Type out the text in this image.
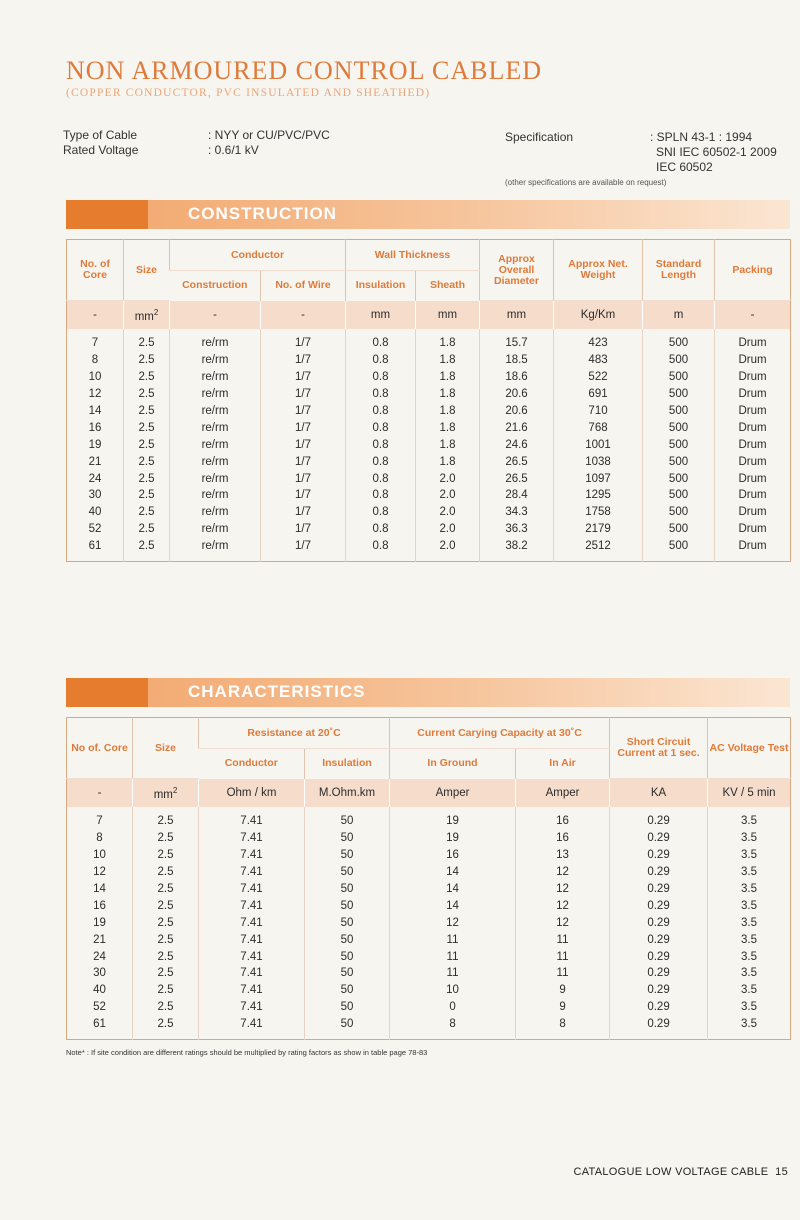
NON ARMOURED CONTROL CABLED
(COPPER CONDUCTOR, PVC INSULATED AND SHEATHED)
Type of Cable	: NYY or CU/PVC/PVC
Rated Voltage	: 0.6/1 kV
Specification	: SPLN 43-1 : 1994
SNI IEC 60502-1 2009
IEC 60502
(other specifications are available on request)
CONSTRUCTION
No. of Core	Size	Conductor		Wall Thickness		Approx Overall Diameter	Approx Net. Weight	Standard Length	Packing
		Construction	No. of Wire	Insulation	Sheath				
-	$mm^2$	-	-	mm	mm	mm	Kg/Km	m	-
7	2.5	re/rm	1/7	0.8	1.8	15.7	423	500	Drum
8	2.5	re/rm	1/7	0.8	1.8	18.5	483	500	Drum
10	2.5	re/rm	1/7	0.8	1.8	18.6	522	500	Drum
12	2.5	re/rm	1/7	0.8	1.8	20.6	691	500	Drum
14	2.5	re/rm	1/7	0.8	1.8	20.6	710	500	Drum
16	2.5	re/rm	1/7	0.8	1.8	21.6	768	500	Drum
19	2.5	re/rm	1/7	0.8	1.8	24.6	1001	500	Drum
21	2.5	re/rm	1/7	0.8	1.8	26.5	1038	500	Drum
24	2.5	re/rm	1/7	0.8	2.0	26.5	1097	500	Drum
30	2.5	re/rm	1/7	0.8	2.0	28.4	1295	500	Drum
40	2.5	re/rm	1/7	0.8	2.0	34.3	1758	500	Drum
52	2.5	re/rm	1/7	0.8	2.0	36.3	2179	500	Drum
61	2.5	re/rm	1/7	0.8	2.0	38.2	2512	500	Drum
CHARACTERISTICS
No of. Core	Size	Resistance at 20˚C		Current Carying Capacity at 30˚C		Short Circuit Current at 1 sec.	AC Voltage Test
		Conductor	Insulation	In Ground	In Air		
-	$mm^2$	Ohm / km	M.Ohm.km	Amper	Amper	KA	KV / 5 min
7	2.5	7.41	50	19	16	0.29	3.5
8	2.5	7.41	50	19	16	0.29	3.5
10	2.5	7.41	50	16	13	0.29	3.5
12	2.5	7.41	50	14	12	0.29	3.5
14	2.5	7.41	50	14	12	0.29	3.5
16	2.5	7.41	50	14	12	0.29	3.5
19	2.5	7.41	50	12	12	0.29	3.5
21	2.5	7.41	50	11	11	0.29	3.5
24	2.5	7.41	50	11	11	0.29	3.5
30	2.5	7.41	50	11	11	0.29	3.5
40	2.5	7.41	50	10	9	0.29	3.5
52	2.5	7.41	50	0	9	0.29	3.5
61	2.5	7.41	50	8	8	0.29	3.5
Note* : If site condition are different ratings should be multiplied by rating factors as show in table page 78-83
CATALOGUE LOW VOLTAGE CABLE 15
